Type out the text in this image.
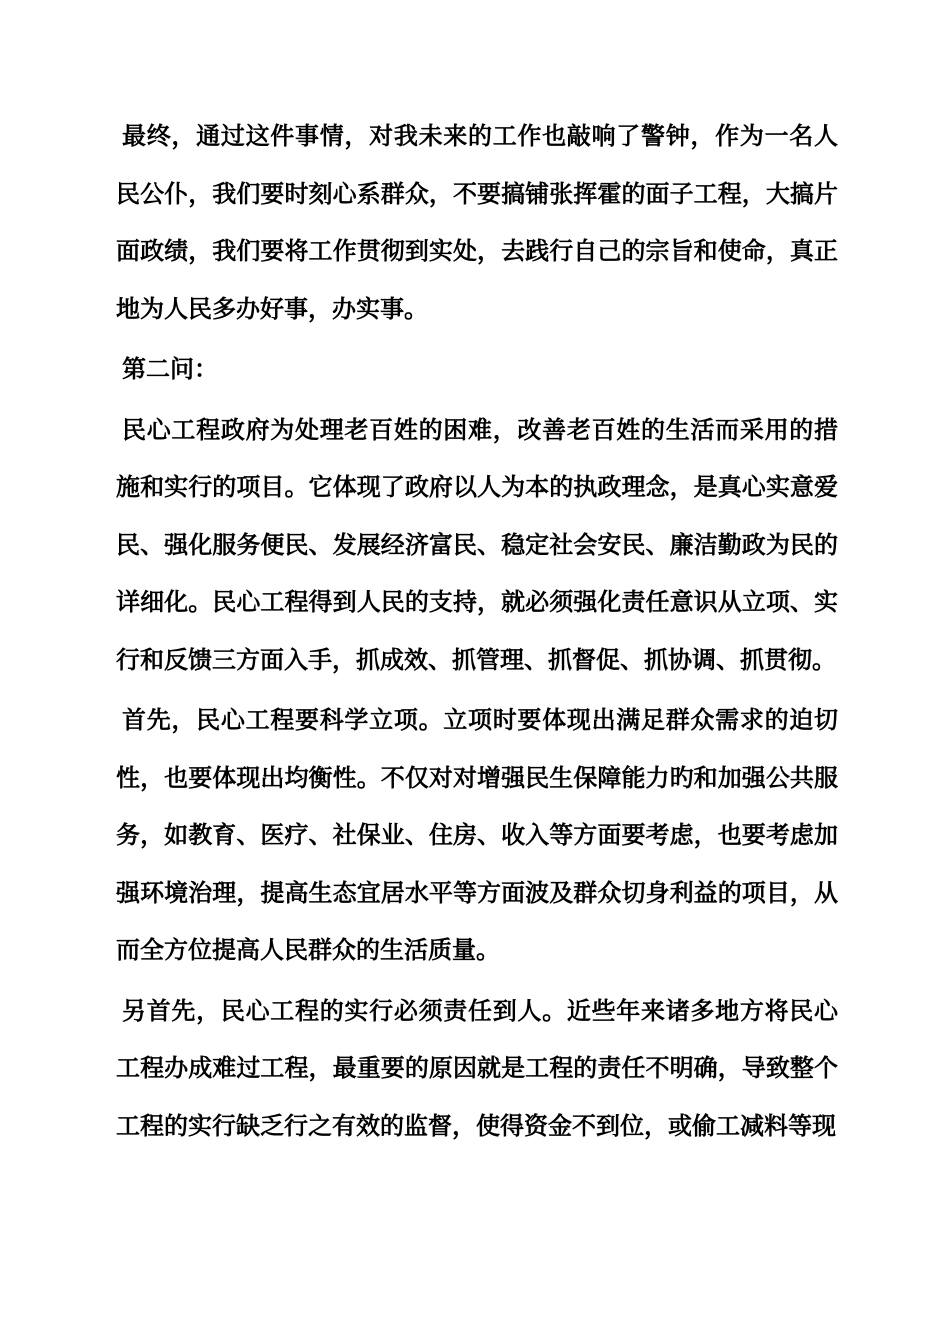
最终，通过这件事情，对我未来的工作也敲响了警钟，作为一名人民公仆，我们要时刻心系群众，不要搞铺张挥霍的面子工程，大搞片面政绩，我们要将工作贯彻到实处，去践行自己的宗旨和使命，真正地为人民多办好事，办实事。

第二问：

民心工程政府为处理老百姓的困难，改善老百姓的生活而采用的措施和实行的项目。它体现了政府以人为本的执政理念，是真心实意爱民、强化服务便民、发展经济富民、稳定社会安民、廉洁勤政为民的详细化。民心工程得到人民的支持，就必须强化责任意识从立项、实行和反馈三方面入手，抓成效、抓管理、抓督促、抓协调、抓贯彻。

首先，民心工程要科学立项。立项时要体现出满足群众需求的迫切性，也要体现出均衡性。不仅对对增强民生保障能力旳和加强公共服务，如教育、医疗、社保业、住房、收入等方面要考虑，也要考虑加强环境治理，提高生态宜居水平等方面波及群众切身利益的项目，从而全方位提高人民群众的生活质量。

另首先，民心工程的实行必须责任到人。近些年来诸多地方将民心工程办成难过工程，最重要的原因就是工程的责任不明确，导致整个工程的实行缺乏行之有效的监督，使得资金不到位，或偷工减料等现
